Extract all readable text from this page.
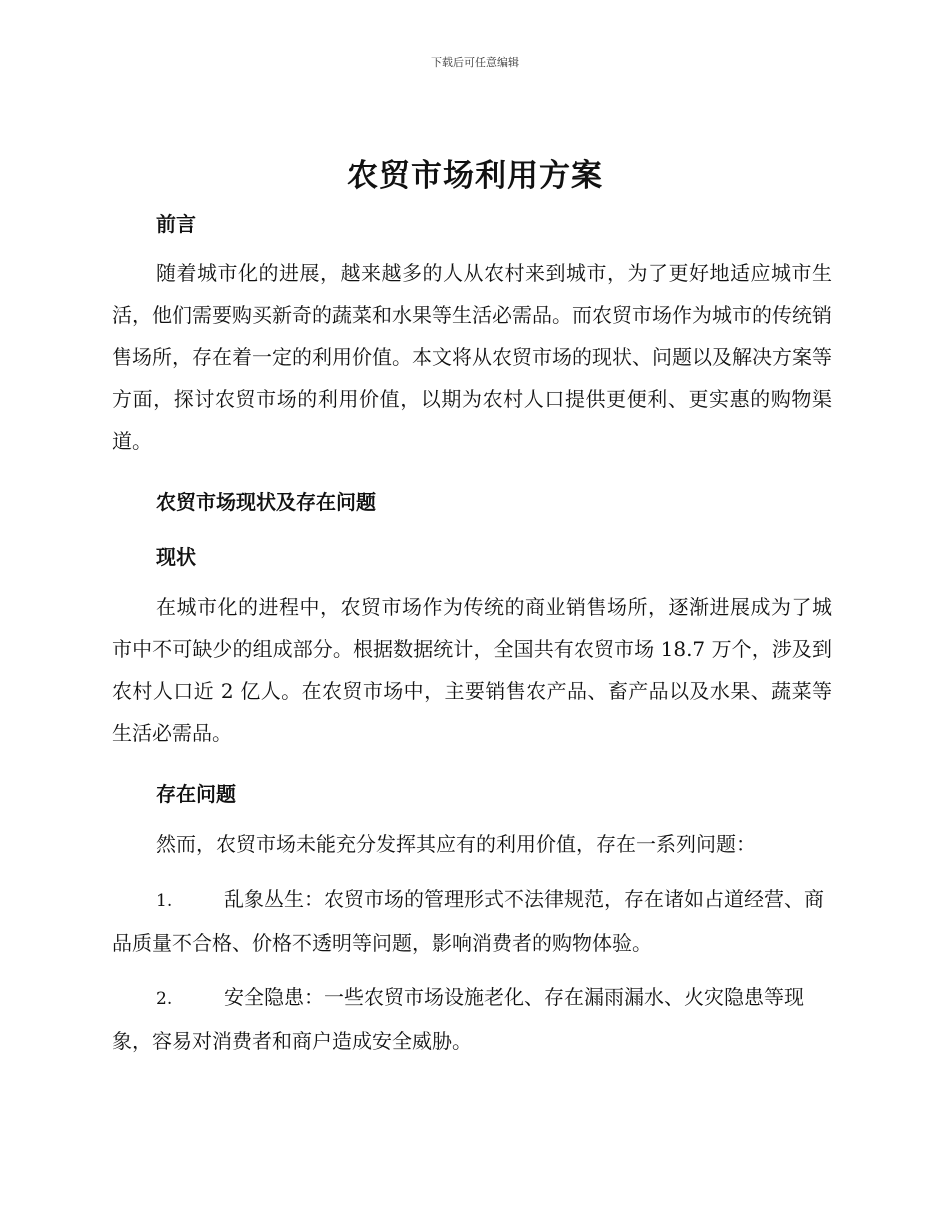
下载后可任意编辑
农贸市场利用方案
前言
随着城市化的进展，越来越多的人从农村来到城市，为了更好地适应城市生活，他们需要购买新奇的蔬菜和水果等生活必需品。而农贸市场作为城市的传统销售场所，存在着一定的利用价值。本文将从农贸市场的现状、问题以及解决方案等方面，探讨农贸市场的利用价值，以期为农村人口提供更便利、更实惠的购物渠道。
农贸市场现状及存在问题
现状
在城市化的进程中，农贸市场作为传统的商业销售场所，逐渐进展成为了城市中不可缺少的组成部分。根据数据统计，全国共有农贸市场 18.7 万个，涉及到农村人口近 2 亿人。在农贸市场中，主要销售农产品、畜产品以及水果、蔬菜等生活必需品。
存在问题
然而，农贸市场未能充分发挥其应有的利用价值，存在一系列问题：
1.	乱象丛生：农贸市场的管理形式不法律规范，存在诸如占道经营、商品质量不合格、价格不透明等问题，影响消费者的购物体验。
2.	安全隐患：一些农贸市场设施老化、存在漏雨漏水、火灾隐患等现象，容易对消费者和商户造成安全威胁。
